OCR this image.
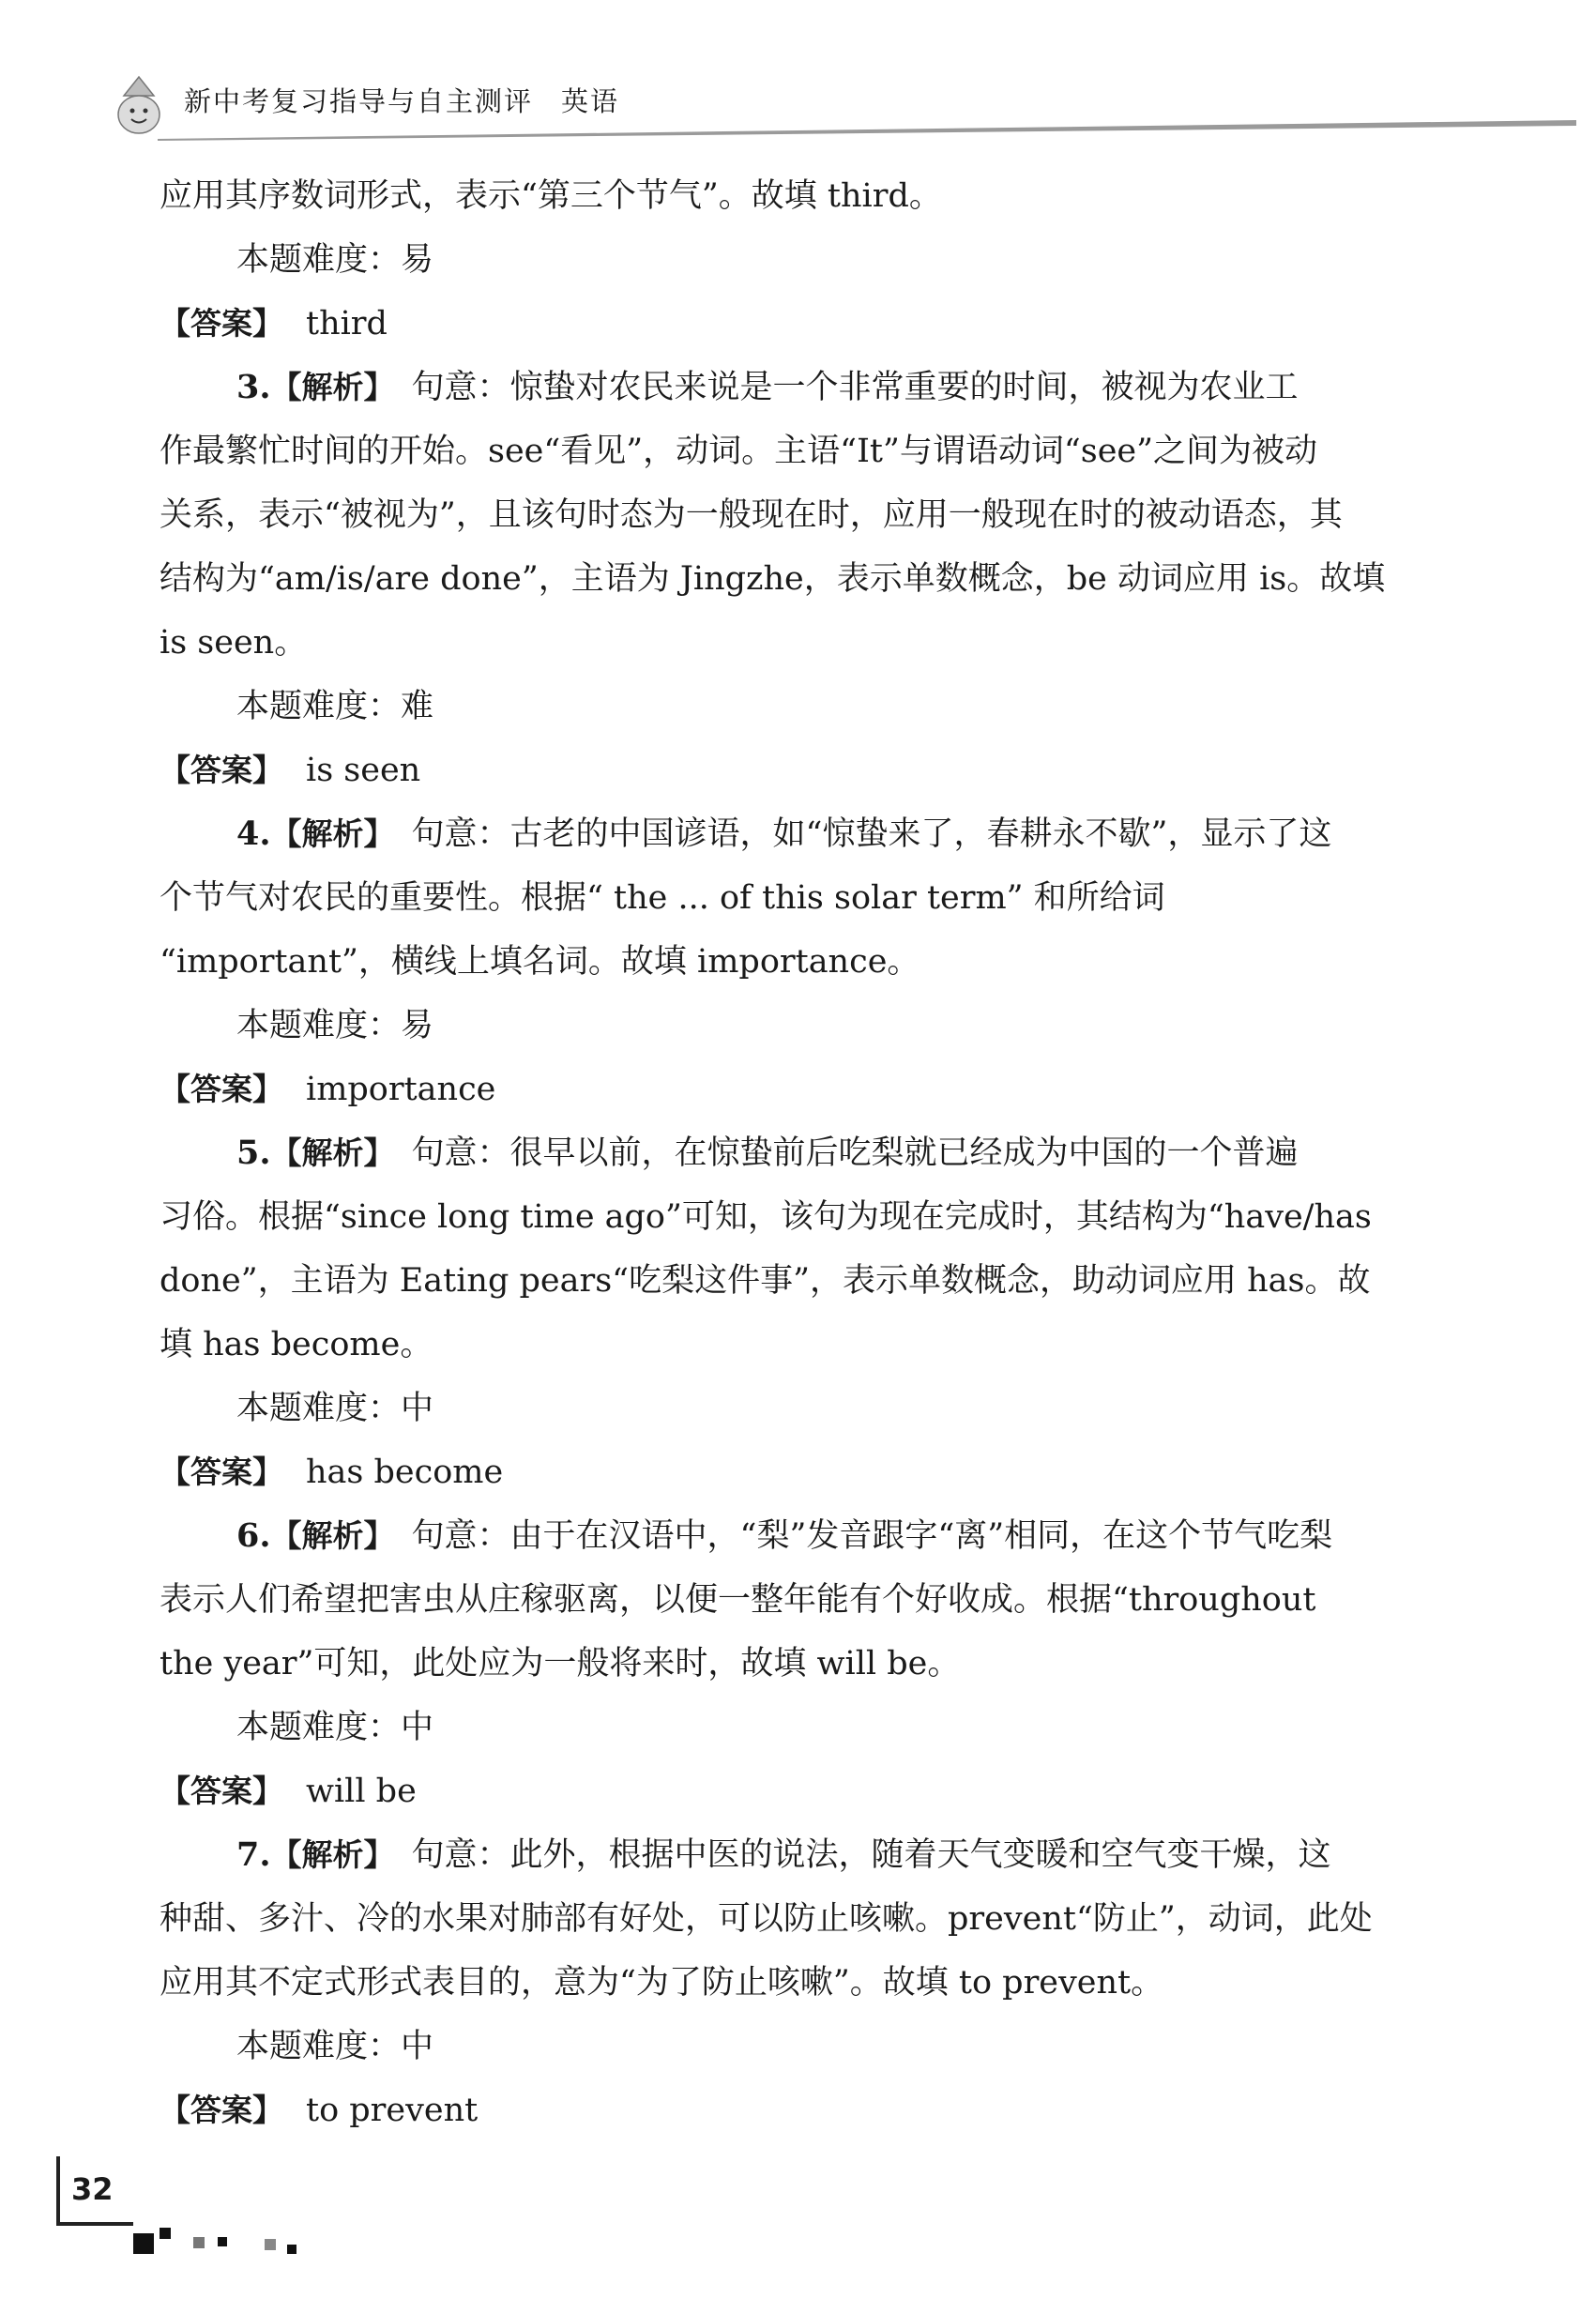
新中考复习指导与自主测评 英语

应用其序数词形式，表示“第三个节气”。故填 third。

本题难度：易

【答案】 third

3.【解析】 句意：惊蛰对农民来说是一个非常重要的时间，被视为农业工

作最繁忙时间的开始。see“看见”，动词。主语“It”与谓语动词“see”之间为被动

关系，表示“被视为”，且该句时态为一般现在时，应用一般现在时的被动语态，其

结构为“am/is/are done”，主语为 Jingzhe，表示单数概念，be 动词应用 is。故填

is seen。

本题难度：难

【答案】 is seen

4.【解析】 句意：古老的中国谚语，如“惊蛰来了，春耕永不歇”，显示了这

个节气对农民的重要性。根据“ the ... of this solar term” 和所给词

“important”，横线上填名词。故填 importance。

本题难度：易

【答案】 importance

5.【解析】 句意：很早以前，在惊蛰前后吃梨就已经成为中国的一个普遍

习俗。根据“since long time ago”可知，该句为现在完成时，其结构为“have/has

done”，主语为 Eating pears“吃梨这件事”，表示单数概念，助动词应用 has。故

填 has become。

本题难度：中

【答案】 has become

6.【解析】 句意：由于在汉语中，“梨”发音跟字“离”相同，在这个节气吃梨

表示人们希望把害虫从庄稼驱离，以便一整年能有个好收成。根据“throughout

the year”可知，此处应为一般将来时，故填 will be。

本题难度：中

【答案】 will be

7.【解析】 句意：此外，根据中医的说法，随着天气变暖和空气变干燥，这

种甜、多汁、冷的水果对肺部有好处，可以防止咳嗽。prevent“防止”，动词，此处

应用其不定式形式表目的，意为“为了防止咳嗽”。故填 to prevent。

本题难度：中

【答案】 to prevent

32
